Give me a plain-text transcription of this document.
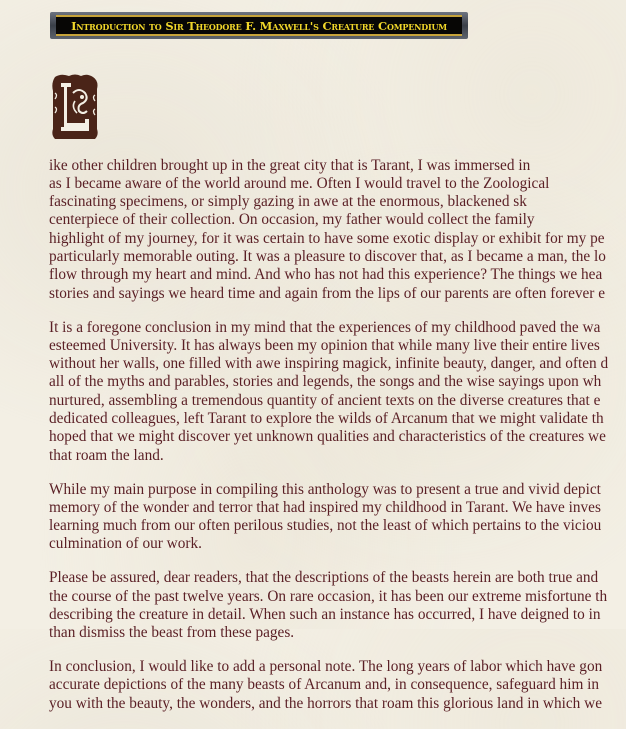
Introduction to Sir Theodore F. Maxwell's Creature Compendium

ike other children brought up in the great city that is Tarant, I was immersed in
as I became aware of the world around me. Often I would travel to the Zoological
fascinating specimens, or simply gazing in awe at the enormous, blackened sk
centerpiece of their collection. On occasion, my father would collect the family
highlight of my journey, for it was certain to have some exotic display or exhibit for my pe
particularly memorable outing. It was a pleasure to discover that, as I became a man, the lo
flow through my heart and mind. And who has not had this experience? The things we hea
stories and sayings we heard time and again from the lips of our parents are often forever e

It is a foregone conclusion in my mind that the experiences of my childhood paved the wa
esteemed University. It has always been my opinion that while many live their entire lives
without her walls, one filled with awe inspiring magick, infinite beauty, danger, and often d
all of the myths and parables, stories and legends, the songs and the wise sayings upon wh
nurtured, assembling a tremendous quantity of ancient texts on the diverse creatures that e
dedicated colleagues, left Tarant to explore the wilds of Arcanum that we might validate th
hoped that we might discover yet unknown qualities and characteristics of the creatures we
that roam the land.

While my main purpose in compiling this anthology was to present a true and vivid depict
memory of the wonder and terror that had inspired my childhood in Tarant. We have inves
learning much from our often perilous studies, not the least of which pertains to the viciou
culmination of our work.

Please be assured, dear readers, that the descriptions of the beasts herein are both true and
the course of the past twelve years. On rare occasion, it has been our extreme misfortune th
describing the creature in detail. When such an instance has occurred, I have deigned to in
than dismiss the beast from these pages.

In conclusion, I would like to add a personal note. The long years of labor which have gon
accurate depictions of the many beasts of Arcanum and, in consequence, safeguard him in
you with the beauty, the wonders, and the horrors that roam this glorious land in which we
